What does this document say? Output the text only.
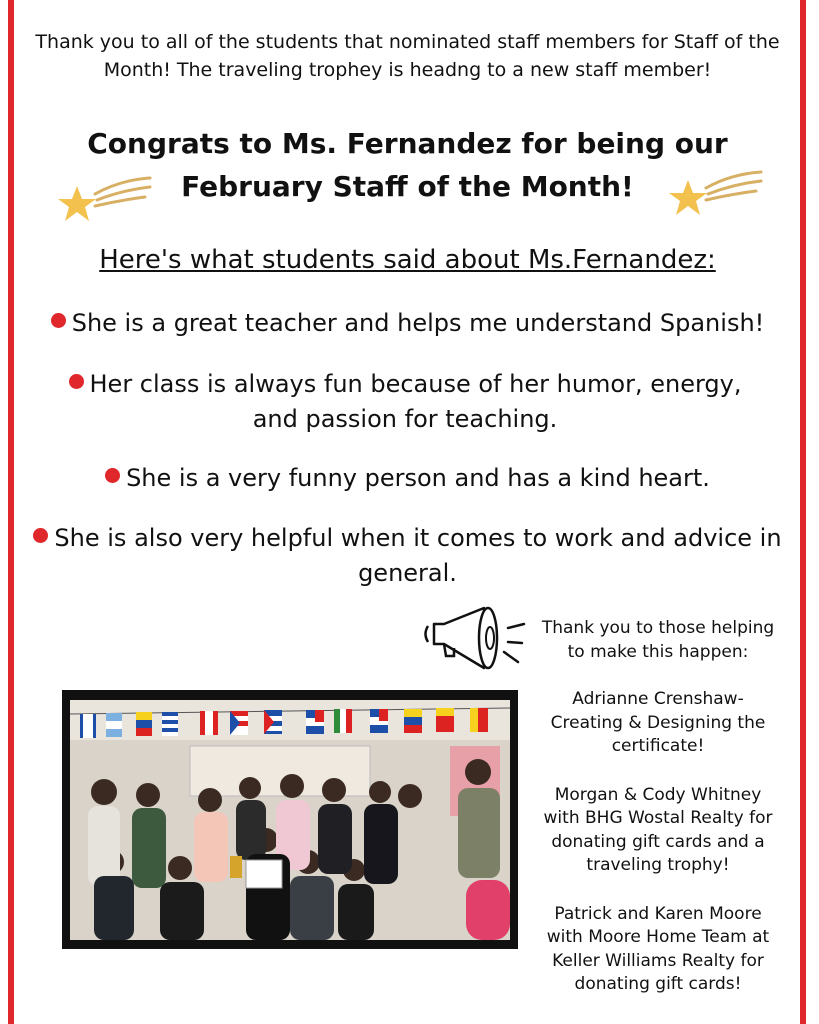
Thank you to all of the students that nominated staff members for Staff of the Month! The traveling trophey is headng to a new staff member!
Congrats to Ms. Fernandez for being our
February Staff of the Month!
Here's what students said about Ms.Fernandez:
She is a great teacher and helps me understand Spanish!
Her class is always fun because of her humor, energy, and passion for teaching.
She is a very funny person and has a kind heart.
She is also very helpful when it comes to work and advice in general.
Thank you to those helping to make this happen:

Adrianne Crenshaw- Creating & Designing the certificate!

Morgan & Cody Whitney with BHG Wostal Realty for donating gift cards and a traveling trophy!

Patrick and Karen Moore with Moore Home Team at Keller Williams Realty for donating gift cards!
